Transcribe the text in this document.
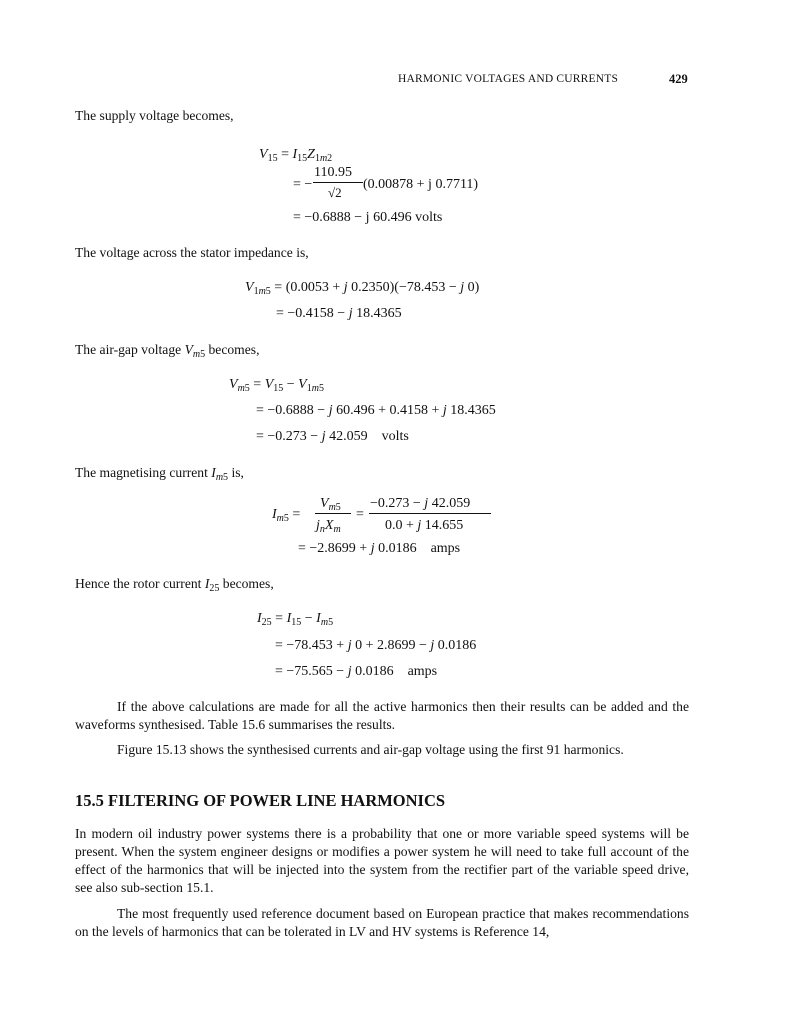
HARMONIC VOLTAGES AND CURRENTS	429
The supply voltage becomes,
$V_{15} = I_{15}Z_{1m2}$
= −
110.95
√2
(0.00878 + j 0.7711)
= −0.6888 − j 60.496 volts
The voltage across the stator impedance is,
$V_{1m5} = (0.0053 + j$ 0.2350)(−78.453 − j 0)
= −0.4158 − j 18.4365
The air-gap voltage $V_{m5}$ becomes,
$V_{m5} = V_{15} - V_{1m5}$
= −0.6888 − j 60.496 + 0.4158 + j 18.4365
= −0.273 − j 42.059    volts
The magnetising current $I_{m5}$ is,
$I_{m5}$ =
$V_{m5}$
$j_nX_m$
=
−0.273 − j 42.059
0.0 + j 14.655
= −2.8699 + j 0.0186    amps
Hence the rotor current $I_{25}$ becomes,
$I_{25} = I_{15} - I_{m5}$
= −78.453 + j 0 + 2.8699 − j 0.0186
= −75.565 − j 0.0186    amps
If the above calculations are made for all the active harmonics then their results can be added and the waveforms synthesised. Table 15.6 summarises the results.
Figure 15.13 shows the synthesised currents and air-gap voltage using the first 91 harmonics.
15.5 FILTERING OF POWER LINE HARMONICS
In modern oil industry power systems there is a probability that one or more variable speed systems will be present. When the system engineer designs or modifies a power system he will need to take full account of the effect of the harmonics that will be injected into the system from the rectifier part of the variable speed drive, see also sub-section 15.1.
The most frequently used reference document based on European practice that makes recommendations on the levels of harmonics that can be tolerated in LV and HV systems is Reference 14,
